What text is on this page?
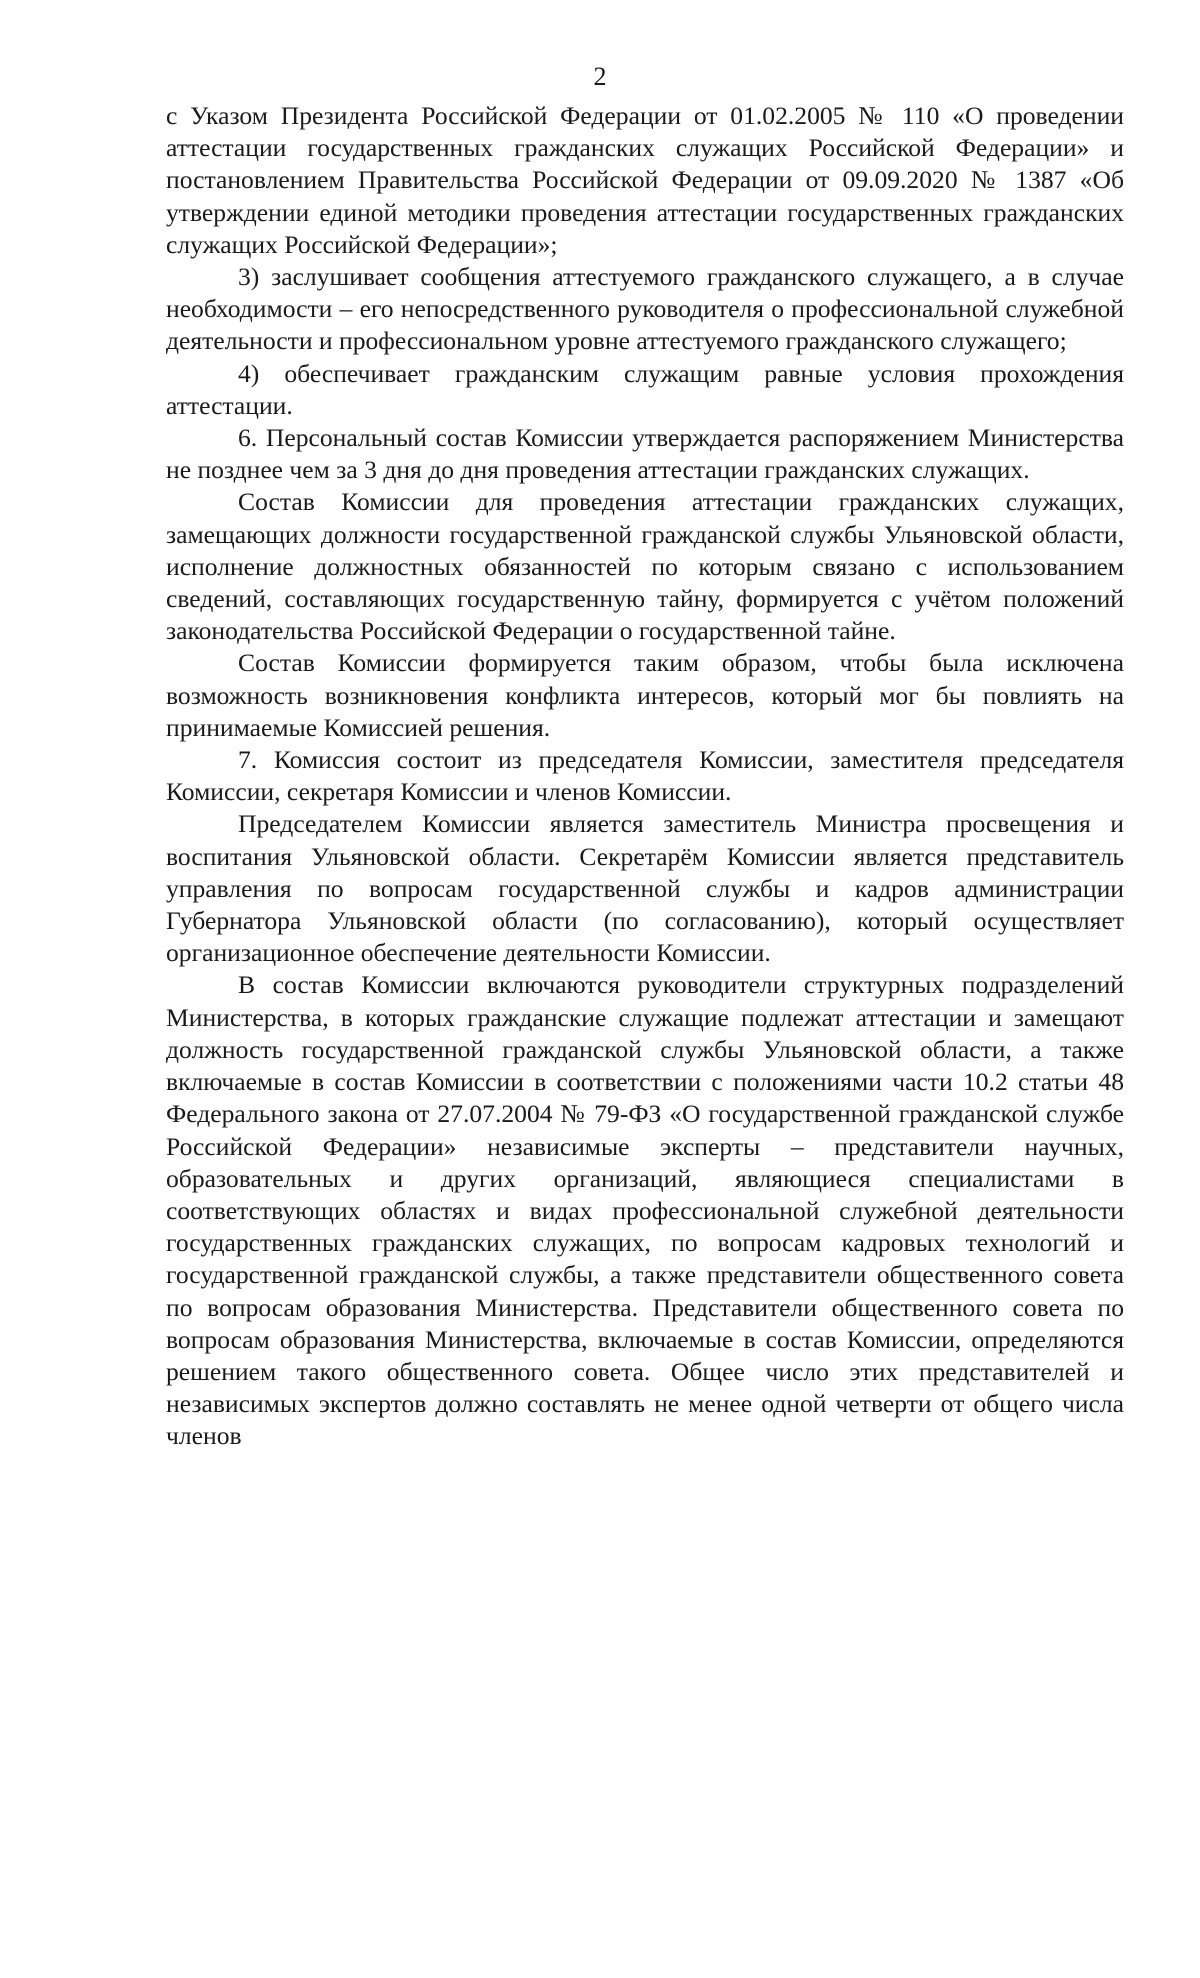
2

с Указом Президента Российской Федерации от 01.02.2005 № 110 «О проведении аттестации государственных гражданских служащих Российской Федерации» и постановлением Правительства Российской Федерации от 09.09.2020 № 1387 «Об утверждении единой методики проведения аттестации государственных гражданских служащих Российской Федерации»;

3) заслушивает сообщения аттестуемого гражданского служащего, а в случае необходимости – его непосредственного руководителя о профессиональной служебной деятельности и профессиональном уровне аттестуемого гражданского служащего;

4) обеспечивает гражданским служащим равные условия прохождения аттестации.

6. Персональный состав Комиссии утверждается распоряжением Министерства не позднее чем за 3 дня до дня проведения аттестации гражданских служащих.

Состав Комиссии для проведения аттестации гражданских служащих, замещающих должности государственной гражданской службы Ульяновской области, исполнение должностных обязанностей по которым связано с использованием сведений, составляющих государственную тайну, формируется с учётом положений законодательства Российской Федерации о государственной тайне.

Состав Комиссии формируется таким образом, чтобы была исключена возможность возникновения конфликта интересов, который мог бы повлиять на принимаемые Комиссией решения.

7. Комиссия состоит из председателя Комиссии, заместителя председателя Комиссии, секретаря Комиссии и членов Комиссии.

Председателем Комиссии является заместитель Министра просвещения и воспитания Ульяновской области. Секретарём Комиссии является представитель управления по вопросам государственной службы и кадров администрации Губернатора Ульяновской области (по согласованию), который осуществляет организационное обеспечение деятельности Комиссии.

В состав Комиссии включаются руководители структурных подразделений Министерства, в которых гражданские служащие подлежат аттестации и замещают должность государственной гражданской службы Ульяновской области, а также включаемые в состав Комиссии в соответствии с положениями части 10.2 статьи 48 Федерального закона от 27.07.2004 № 79-ФЗ «О государственной гражданской службе Российской Федерации» независимые эксперты – представители научных, образовательных и других организаций, являющиеся специалистами в соответствующих областях и видах профессиональной служебной деятельности государственных гражданских служащих, по вопросам кадровых технологий и государственной гражданской службы, а также представители общественного совета по вопросам образования Министерства. Представители общественного совета по вопросам образования Министерства, включаемые в состав Комиссии, определяются решением такого общественного совета. Общее число этих представителей и независимых экспертов должно составлять не менее одной четверти от общего числа членов
